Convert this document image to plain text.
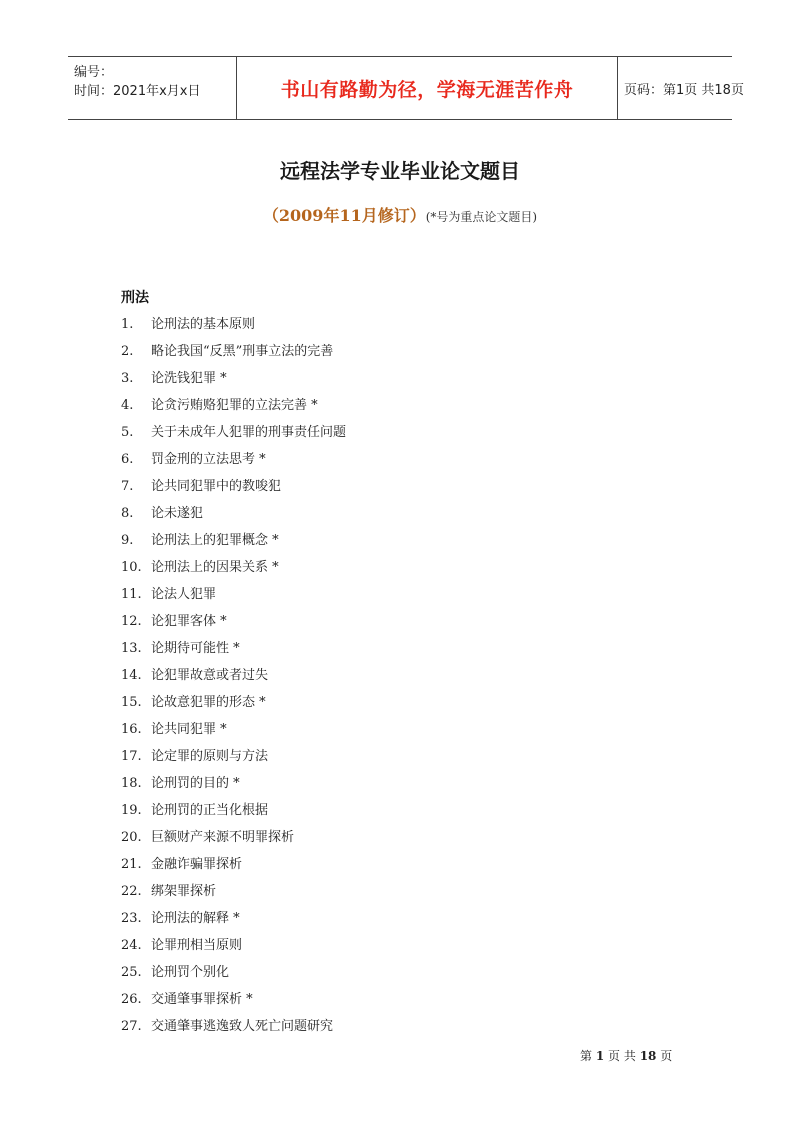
编号：
时间：2021年x月x日	书山有路勤为径，学海无涯苦作舟	页码：第1页 共18页
远程法学专业毕业论文题目
（2009年11月修订）(*号为重点论文题目)
刑法
1. 论刑法的基本原则
2. 略论我国“反黑”刑事立法的完善
3. 论洗钱犯罪 *
4. 论贪污贿赂犯罪的立法完善 *
5. 关于未成年人犯罪的刑事责任问题
6. 罚金刑的立法思考 *
7. 论共同犯罪中的教唆犯
8. 论未遂犯
9. 论刑法上的犯罪概念 *
10. 论刑法上的因果关系 *
11. 论法人犯罪
12. 论犯罪客体 *
13. 论期待可能性 *
14. 论犯罪故意或者过失
15. 论故意犯罪的形态 *
16. 论共同犯罪 *
17. 论定罪的原则与方法
18. 论刑罚的目的 *
19. 论刑罚的正当化根据
20. 巨额财产来源不明罪探析
21. 金融诈骗罪探析
22. 绑架罪探析
23. 论刑法的解释 *
24. 论罪刑相当原则
25. 论刑罚个别化
26. 交通肇事罪探析 *
27. 交通肇事逃逸致人死亡问题研究
第 1 页 共 18 页
